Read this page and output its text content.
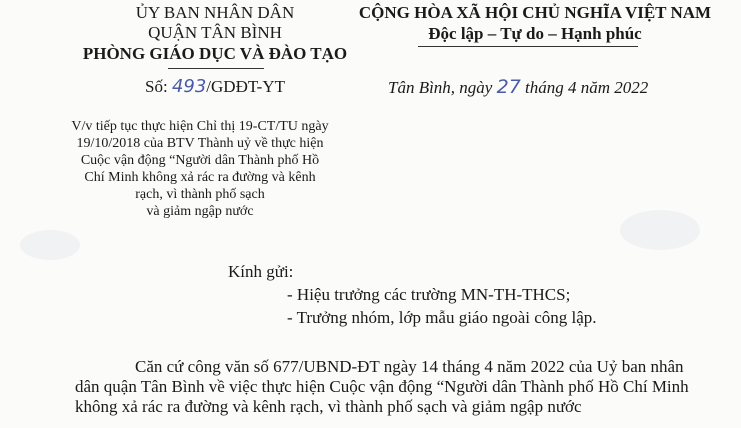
ỦY BAN NHÂN DÂN
QUẬN TÂN BÌNH
PHÒNG GIÁO DỤC VÀ ĐÀO TẠO
Số: 493/GDĐT-YT
CỘNG HÒA XÃ HỘI CHỦ NGHĨA VIỆT NAM
Độc lập – Tự do – Hạnh phúc
Tân Bình, ngày 27 tháng 4 năm 2022
V/v tiếp tục thực hiện Chỉ thị 19-CT/TU ngày
19/10/2018 của BTV Thành uỷ về thực hiện
Cuộc vận động “Người dân Thành phố Hồ
Chí Minh không xả rác ra đường và kênh
rạch, vì thành phố sạch
và giảm ngập nước
Kính gửi:
- Hiệu trưởng các trường MN-TH-THCS;
- Trưởng nhóm, lớp mẫu giáo ngoài công lập.
Căn cứ công văn số 677/UBND-ĐT ngày 14 tháng 4 năm 2022 của Uỷ ban nhân
dân quận Tân Bình về việc thực hiện Cuộc vận động “Người dân Thành phố Hồ Chí Minh
không xả rác ra đường và kênh rạch, vì thành phố sạch và giảm ngập nước
